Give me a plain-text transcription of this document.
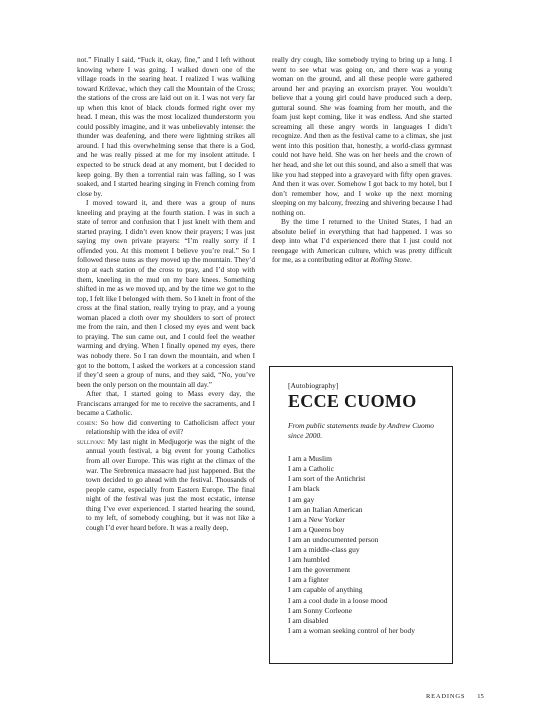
not.” Finally I said, “Fuck it, okay, fine,” and I left without knowing where I was going. I walked down one of the village roads in the searing heat. I realized I was walking toward Križevac, which they call the Mountain of the Cross; the stations of the cross are laid out on it. I was not very far up when this knot of black clouds formed right over my head. I mean, this was the most localized thunderstorm you could possibly imagine, and it was unbelievably intense: the thunder was deafening, and there were lightning strikes all around. I had this overwhelming sense that there is a God, and he was really pissed at me for my insolent attitude. I expected to be struck dead at any moment, but I decided to keep going. By then a torrential rain was falling, so I was soaked, and I started hearing singing in French coming from close by.

I moved toward it, and there was a group of nuns kneeling and praying at the fourth station. I was in such a state of terror and confusion that I just knelt with them and started praying. I didn’t even know their prayers; I was just saying my own private prayers: “I’m really sorry if I offended you. At this moment I believe you’re real.” So I followed these nuns as they moved up the mountain. They’d stop at each station of the cross to pray, and I’d stop with them, kneeling in the mud on my bare knees. Something shifted in me as we moved up, and by the time we got to the top, I felt like I belonged with them. So I knelt in front of the cross at the final station, really trying to pray, and a young woman placed a cloth over my shoulders to sort of protect me from the rain, and then I closed my eyes and went back to praying. The sun came out, and I could feel the weather warming and drying. When I finally opened my eyes, there was nobody there. So I ran down the mountain, and when I got to the bottom, I asked the workers at a concession stand if they’d seen a group of nuns, and they said, “No, you’ve been the only person on the mountain all day.”

After that, I started going to Mass every day, the Franciscans arranged for me to receive the sacraments, and I became a Catholic.

cohen: So how did converting to Catholicism affect your relationship with the idea of evil?

sullivan: My last night in Medjugorje was the night of the annual youth festival, a big event for young Catholics from all over Europe. This was right at the climax of the war. The Srebrenica massacre had just happened. But the town decided to go ahead with the festival. Thousands of people came, especially from Eastern Europe. The final night of the festival was just the most ecstatic, intense thing I’ve ever experienced. I started hearing the sound, to my left, of somebody coughing, but it was not like a cough I’d ever heard before. It was a really deep,

really dry cough, like somebody trying to bring up a lung. I went to see what was going on, and there was a young woman on the ground, and all these people were gathered around her and praying an exorcism prayer. You wouldn’t believe that a young girl could have produced such a deep, guttural sound. She was foaming from her mouth, and the foam just kept coming, like it was endless. And she started screaming all these angry words in languages I didn’t recognize. And then as the festival came to a climax, she just went into this position that, honestly, a world-class gymnast could not have held. She was on her heels and the crown of her head, and she let out this sound, and also a smell that was like you had stepped into a graveyard with fifty open graves. And then it was over. Somehow I got back to my hotel, but I don’t remember how, and I woke up the next morning sleeping on my balcony, freezing and shivering because I had nothing on.

By the time I returned to the United States, I had an absolute belief in everything that had happened. I was so deep into what I’d experienced there that I just could not reengage with American culture, which was pretty difficult for me, as a contributing editor at Rolling Stone.

[Autobiography]

ECCE CUOMO

From public statements made by Andrew Cuomo since 2000.

I am a Muslim
I am a Catholic
I am sort of the Antichrist
I am black
I am gay
I am an Italian American
I am a New Yorker
I am a Queens boy
I am an undocumented person
I am a middle-class guy
I am humbled
I am the government
I am a fighter
I am capable of anything
I am a cool dude in a loose mood
I am Sonny Corleone
I am disabled
I am a woman seeking control of her body
READINGS 15
